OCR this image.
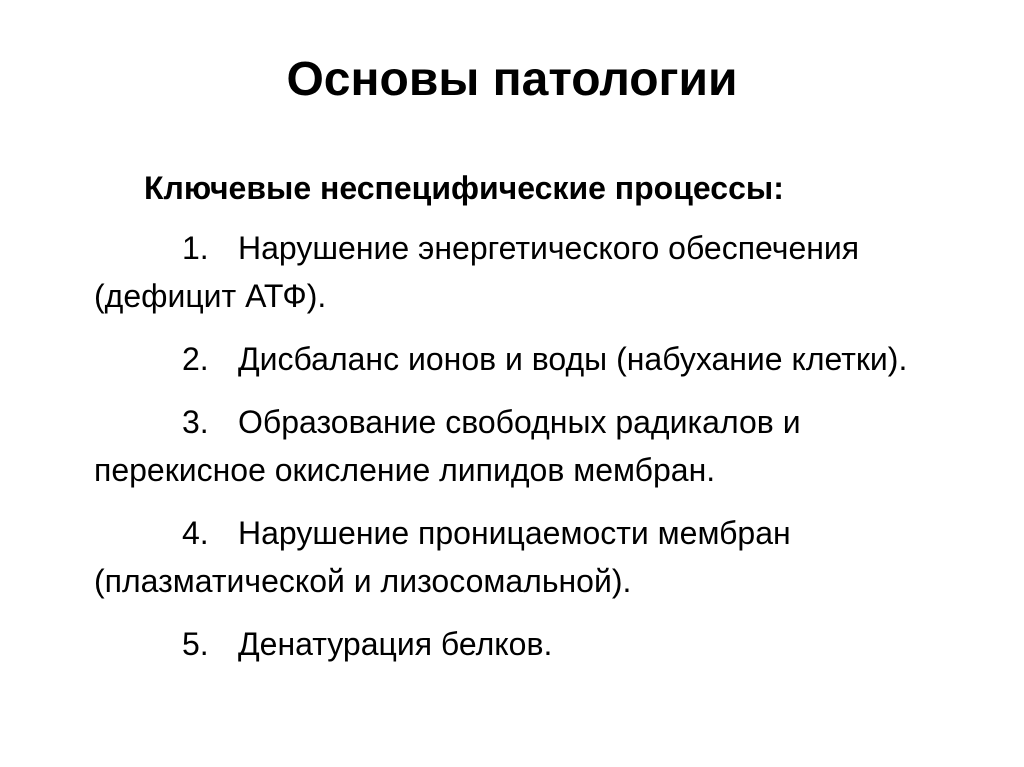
Основы патологии

Ключевые неспецифические процессы:

1. Нарушение энергетического обеспечения (дефицит АТФ).
2. Дисбаланс ионов и воды (набухание клетки).
3. Образование свободных радикалов и перекисное окисление липидов мембран.
4. Нарушение проницаемости мембран (плазматической и лизосомальной).
5. Денатурация белков.
